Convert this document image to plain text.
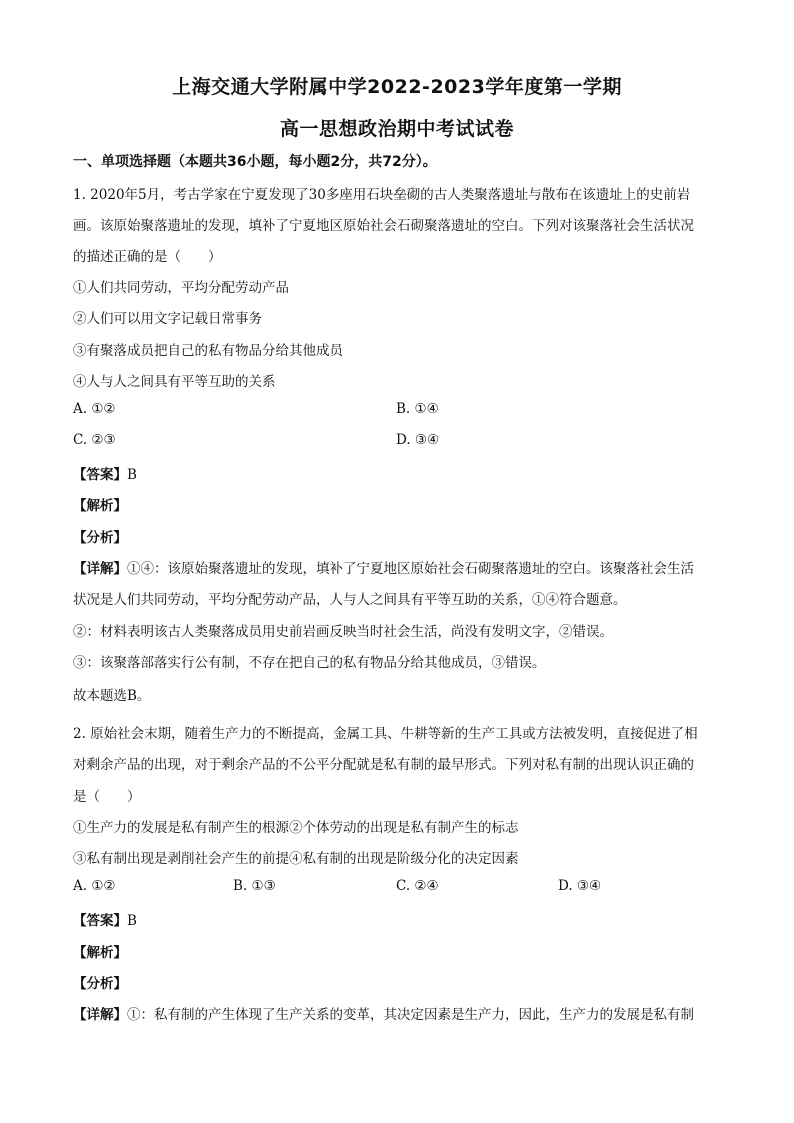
上海交通大学附属中学2022-2023学年度第一学期
高一思想政治期中考试试卷
一、单项选择题（本题共36小题，每小题2分，共72分）。
1. 2020年5月，考古学家在宁夏发现了30多座用石块垒砌的古人类聚落遗址与散布在该遗址上的史前岩
画。该原始聚落遗址的发现，填补了宁夏地区原始社会石砌聚落遗址的空白。下列对该聚落社会生活状况
的描述正确的是（　　）
①人们共同劳动，平均分配劳动产品
②人们可以用文字记载日常事务
③有聚落成员把自己的私有物品分给其他成员
④人与人之间具有平等互助的关系
A. ①②	B. ①④
C. ②③	D. ③④
【答案】B
【解析】
【分析】
【详解】①④：该原始聚落遗址的发现，填补了宁夏地区原始社会石砌聚落遗址的空白。该聚落社会生活
状况是人们共同劳动，平均分配劳动产品，人与人之间具有平等互助的关系，①④符合题意。
②：材料表明该古人类聚落成员用史前岩画反映当时社会生活，尚没有发明文字，②错误。
③：该聚落部落实行公有制，不存在把自己的私有物品分给其他成员，③错误。
故本题选B。
2. 原始社会末期，随着生产力的不断提高，金属工具、牛耕等新的生产工具或方法被发明，直接促进了相
对剩余产品的出现，对于剩余产品的不公平分配就是私有制的最早形式。下列对私有制的出现认识正确的
是（　　）
①生产力的发展是私有制产生的根源②个体劳动的出现是私有制产生的标志
③私有制出现是剥削社会产生的前提④私有制的出现是阶级分化的决定因素
A. ①②	B. ①③	C. ②④	D. ③④
【答案】B
【解析】
【分析】
【详解】①：私有制的产生体现了生产关系的变革，其决定因素是生产力，因此，生产力的发展是私有制
